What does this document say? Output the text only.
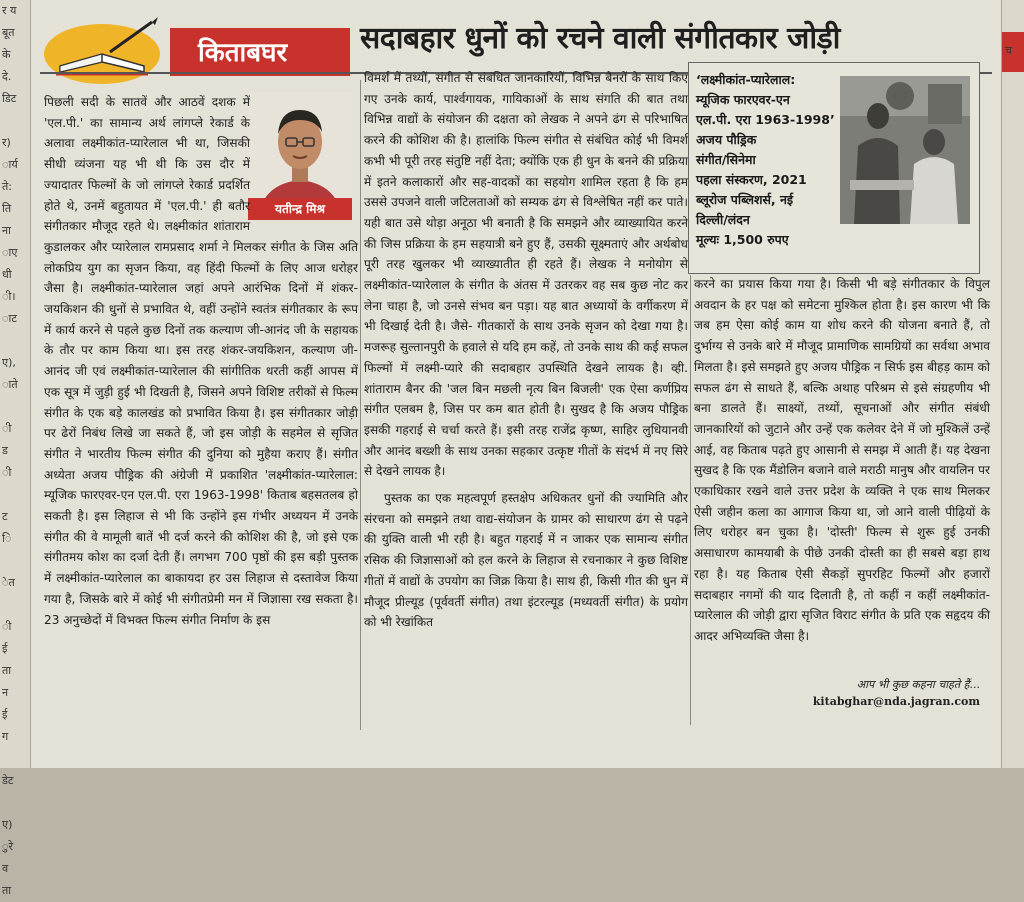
र य
बूत
के
दे.
डिट

र)
ार्य
ते:
ति
ना
ाए
धी
ी।
ाट

ए),
ाते

ी
ड
ी

ट
ि

ेत

ी
ई
ता
न
ई
ग

डेट

ए)
ुरे
व
ता
च

किताबघर सदाबहार धुनों को रचने वाली संगीतकार जोड़ी
यतीन्द्र मिश्र

पिछली सदी के सातवें और आठवें दशक में 'एल.पी.' का सामान्य अर्थ लांगप्ले रेकार्ड के अलावा लक्ष्मीकांत-प्यारेलाल भी था, जिसकी सीधी व्यंजना यह भी थी कि उस दौर में ज्यादातर फिल्मों के जो लांगप्ले रेकार्ड प्रदर्शित होते थे, उनमें बहुतायत में 'एल.पी.' ही बतौर संगीतकार मौजूद रहते थे। लक्ष्मीकांत शांताराम कुडालकर और प्यारेलाल रामप्रसाद शर्मा ने मिलकर संगीत के जिस अति लोकप्रिय युग का सृजन किया, वह हिंदी फिल्मों के लिए आज धरोहर जैसा है। लक्ष्मीकांत-प्यारेलाल जहां अपने आरंभिक दिनों में शंकर-जयकिशन की धुनों से प्रभावित थे, वहीं उन्होंने स्वतंत्र संगीतकार के रूप में कार्य करने से पहले कुछ दिनों तक कल्याण जी-आनंद जी के सहायक के तौर पर काम किया था। इस तरह शंकर-जयकिशन, कल्याण जी-आनंद जी एवं लक्ष्मीकांत-प्यारेलाल की सांगीतिक धरती कहीं आपस में एक सूत्र में जुड़ी हुई भी दिखती है, जिसने अपने विशिष्ट तरीकों से फिल्म संगीत के एक बड़े कालखंड को प्रभावित किया है। इस संगीतकार जोड़ी पर ढेरों निबंध लिखे जा सकते हैं, जो इस जोड़ी के सहमेल से सृजित संगीत ने भारतीय फिल्म संगीत की दुनिया को मुहैया कराए हैं। संगीत अध्येता अजय पौड्रिक की अंग्रेजी में प्रकाशित 'लक्ष्मीकांत-प्यारेलाल: म्यूजिक फारएवर-एन एल.पी. एरा 1963-1998' किताब बहसतलब हो सकती है। इस लिहाज से भी कि उन्होंने इस गंभीर अध्ययन में उनके संगीत की वे मामूली बातें भी दर्ज करने की कोशिश की है, जो इसे एक संगीतमय कोश का दर्जा देती हैं। लगभग 700 पृष्ठों की इस बड़ी पुस्तक में लक्ष्मीकांत-प्यारेलाल का बाकायदा हर उस लिहाज से दस्तावेज किया गया है, जिसके बारे में कोई भी संगीतप्रेमी मन में जिज्ञासा रख सकता है। 23 अनुच्छेदों में विभक्त फिल्म संगीत निर्माण के इस

विमर्श में तथ्यों, संगीत से संबंधित जानकारियों, विभिन्न बैनरों के साथ किए गए उनके कार्य, पार्श्वगायक, गायिकाओं के साथ संगति की बात तथा विभिन्न वाद्यों के संयोजन की दक्षता को लेखक ने अपने ढंग से परिभाषित करने की कोशिश की है। हालांकि फिल्म संगीत से संबंधित कोई भी विमर्श कभी भी पूरी तरह संतुष्टि नहीं देता; क्योंकि एक ही धुन के बनने की प्रक्रिया में इतने कलाकारों और सह-वादकों का सहयोग शामिल रहता है कि हम उससे उपजने वाली जटिलताओं को सम्यक ढंग से विश्लेषित नहीं कर पाते। यही बात उसे थोड़ा अनूठा भी बनाती है कि समझने और व्याख्यायित करने की जिस प्रक्रिया के हम सहयात्री बने हुए हैं, उसकी सूक्ष्मताएं और अर्थबोध पूरी तरह खुलकर भी व्याख्यातीत ही रहते हैं। लेखक ने मनोयोग से लक्ष्मीकांत-प्यारेलाल के संगीत के अंतस में उतरकर वह सब कुछ नोट कर लेना चाहा है, जो उनसे संभव बन पड़ा। यह बात अध्यायों के वर्गीकरण में भी दिखाई देती है। जैसे- गीतकारों के साथ उनके सृजन को देखा गया है। मजरूह सुल्तानपुरी के हवाले से यदि हम कहें, तो उनके साथ की कई सफल फिल्मों में लक्ष्मी-प्यारे की सदाबहार उपस्थिति देखने लायक है। व्ही. शांताराम बैनर की 'जल बिन मछली नृत्य बिन बिजली' एक ऐसा कर्णप्रिय संगीत एलबम है, जिस पर कम बात होती है। सुखद है कि अजय पौड्रिक इसकी गहराई से चर्चा करते हैं। इसी तरह राजेंद्र कृष्ण, साहिर लुधियानवी और आनंद बख्शी के साथ उनका सहकार उत्कृष्ट गीतों के संदर्भ में नए सिरे से देखने लायक है।

पुस्तक का एक महत्वपूर्ण हस्तक्षेप अधिकतर धुनों की ज्यामिति और संरचना को समझने तथा वाद्य-संयोजन के ग्रामर को साधारण ढंग से पढ़ने की युक्ति वाली भी रही है। बहुत गहराई में न जाकर एक सामान्य संगीत रसिक की जिज्ञासाओं को हल करने के लिहाज से रचनाकार ने कुछ विशिष्ट गीतों में वाद्यों के उपयोग का जिक्र किया है। साथ ही, किसी गीत की धुन में मौजूद प्रील्यूड (पूर्ववर्ती संगीत) तथा इंटरल्यूड (मध्यवर्ती संगीत) के प्रयोग को भी रेखांकित

‘लक्ष्मीकांत-प्यारेलाल:
म्यूजिक फारएवर-एन
एल.पी. एरा 1963-1998’
अजय पौड्रिक
संगीत/सिनेमा
पहला संस्करण, 2021
ब्लूरोज पब्लिशर्स, नई
दिल्ली/लंदन
मूल्यः 1,500 रुपए

करने का प्रयास किया गया है। किसी भी बड़े संगीतकार के विपुल अवदान के हर पक्ष को समेटना मुश्किल होता है। इस कारण भी कि जब हम ऐसा कोई काम या शोध करने की योजना बनाते हैं, तो दुर्भाग्य से उनके बारे में मौजूद प्रामाणिक सामग्रियों का सर्वथा अभाव मिलता है। इसे समझते हुए अजय पौड्रिक न सिर्फ इस बीहड़ काम को सफल ढंग से साधते हैं, बल्कि अथाह परिश्रम से इसे संग्रहणीय भी बना डालते हैं। साक्ष्यों, तथ्यों, सूचनाओं और संगीत संबंधी जानकारियों को जुटाने और उन्हें एक कलेवर देने में जो मुश्किलें उन्हें आई, वह किताब पढ़ते हुए आसानी से समझ में आती हैं। यह देखना सुखद है कि एक मैंडोलिन बजाने वाले मराठी मानुष और वायलिन पर एकाधिकार रखने वाले उत्तर प्रदेश के व्यक्ति ने एक साथ मिलकर ऐसी जहीन कला का आगाज किया था, जो आने वाली पीढ़ियों के लिए धरोहर बन चुका है। 'दोस्ती' फिल्म से शुरू हुई उनकी असाधारण कामयाबी के पीछे उनकी दोस्ती का ही सबसे बड़ा हाथ रहा है। यह किताब ऐसी सैकड़ों सुपरहिट फिल्मों और हजारों सदाबहार नगमों की याद दिलाती है, तो कहीं न कहीं लक्ष्मीकांत-प्यारेलाल की जोड़ी द्वारा सृजित विराट संगीत के प्रति एक सहृदय की आदर अभिव्यक्ति जैसा है।

आप भी कुछ कहना चाहते हैं...
kitabghar@nda.jagran.com
